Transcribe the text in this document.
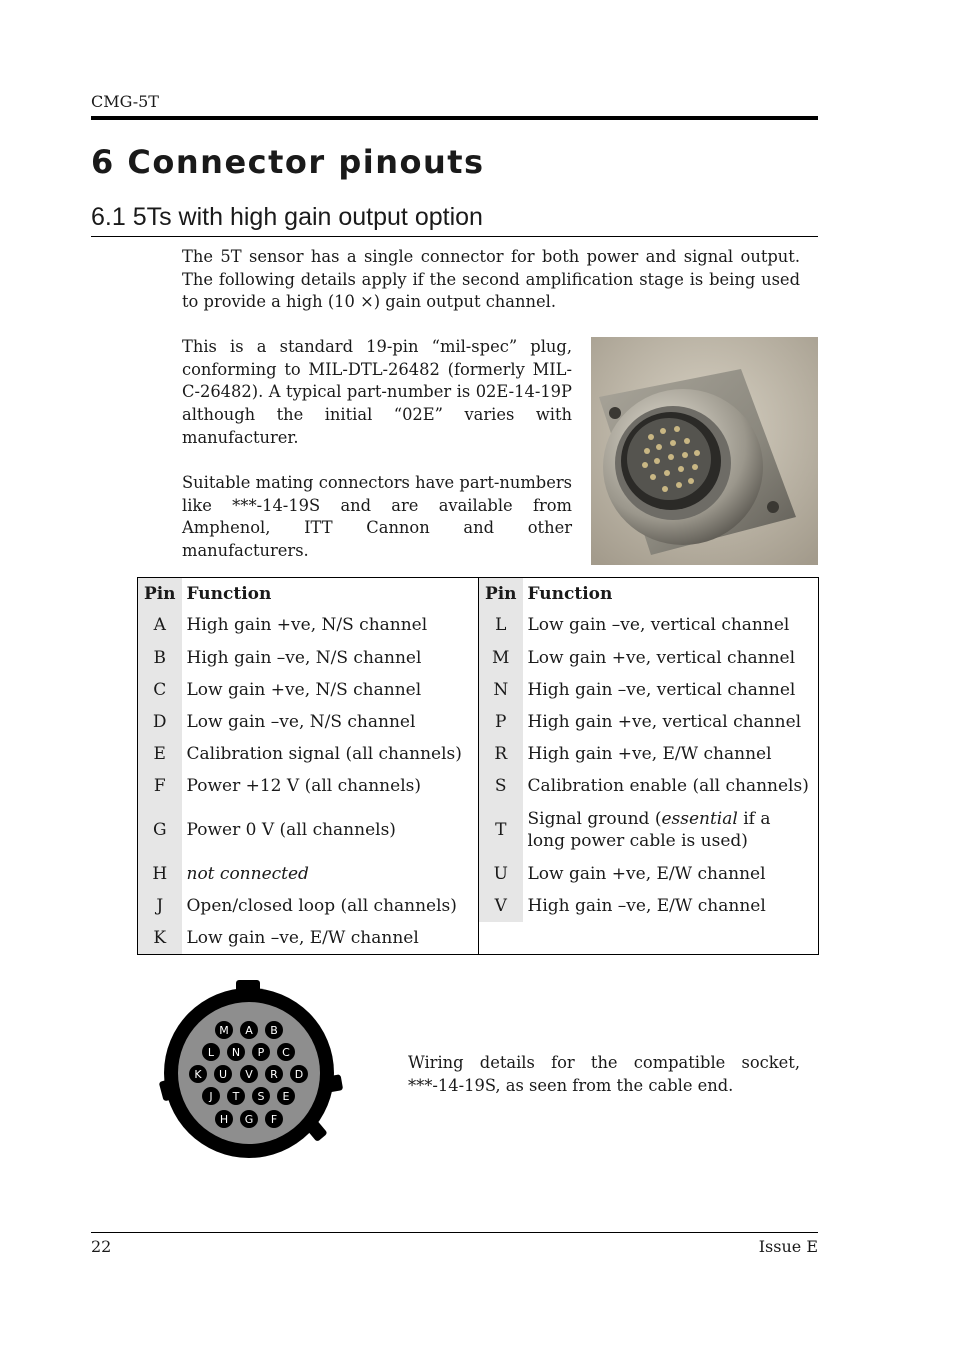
CMG-5T
6 Connector pinouts
6.1 5Ts with high gain output option

The 5T sensor has a single connector for both power and signal output. The following details apply if the second amplification stage is being used to provide a high (10 ×) gain output channel.

This is a standard 19-pin “mil-spec” plug, conforming to MIL-DTL-26482 (formerly MIL-C-26482). A typical part-number is 02E-14-19P although the initial “02E” varies with manufacturer.

Suitable mating connectors have part-numbers like ***-14-19S and are available from Amphenol, ITT Cannon and other manufacturers.

Pin	Function	Pin	Function
A	High gain +ve, N/S channel	L	Low gain –ve, vertical channel
B	High gain –ve, N/S channel	M	Low gain +ve, vertical channel
C	Low gain +ve, N/S channel	N	High gain –ve, vertical channel
D	Low gain –ve, N/S channel	P	High gain +ve, vertical channel
E	Calibration signal (all channels)	R	High gain +ve, E/W channel
F	Power +12 V (all channels)	S	Calibration enable (all channels)
G	Power 0 V (all channels)	T	Signal ground (essential if a long power cable is used)
H	not connected	U	Low gain +ve, E/W channel
J	Open/closed loop (all channels)	V	High gain –ve, E/W channel
K	Low gain –ve, E/W channel		
M A B
L N P C
K U V R D
J T S E
H G F

Wiring details for the compatible socket, ***-14-19S, as seen from the cable end.

22	Issue E
